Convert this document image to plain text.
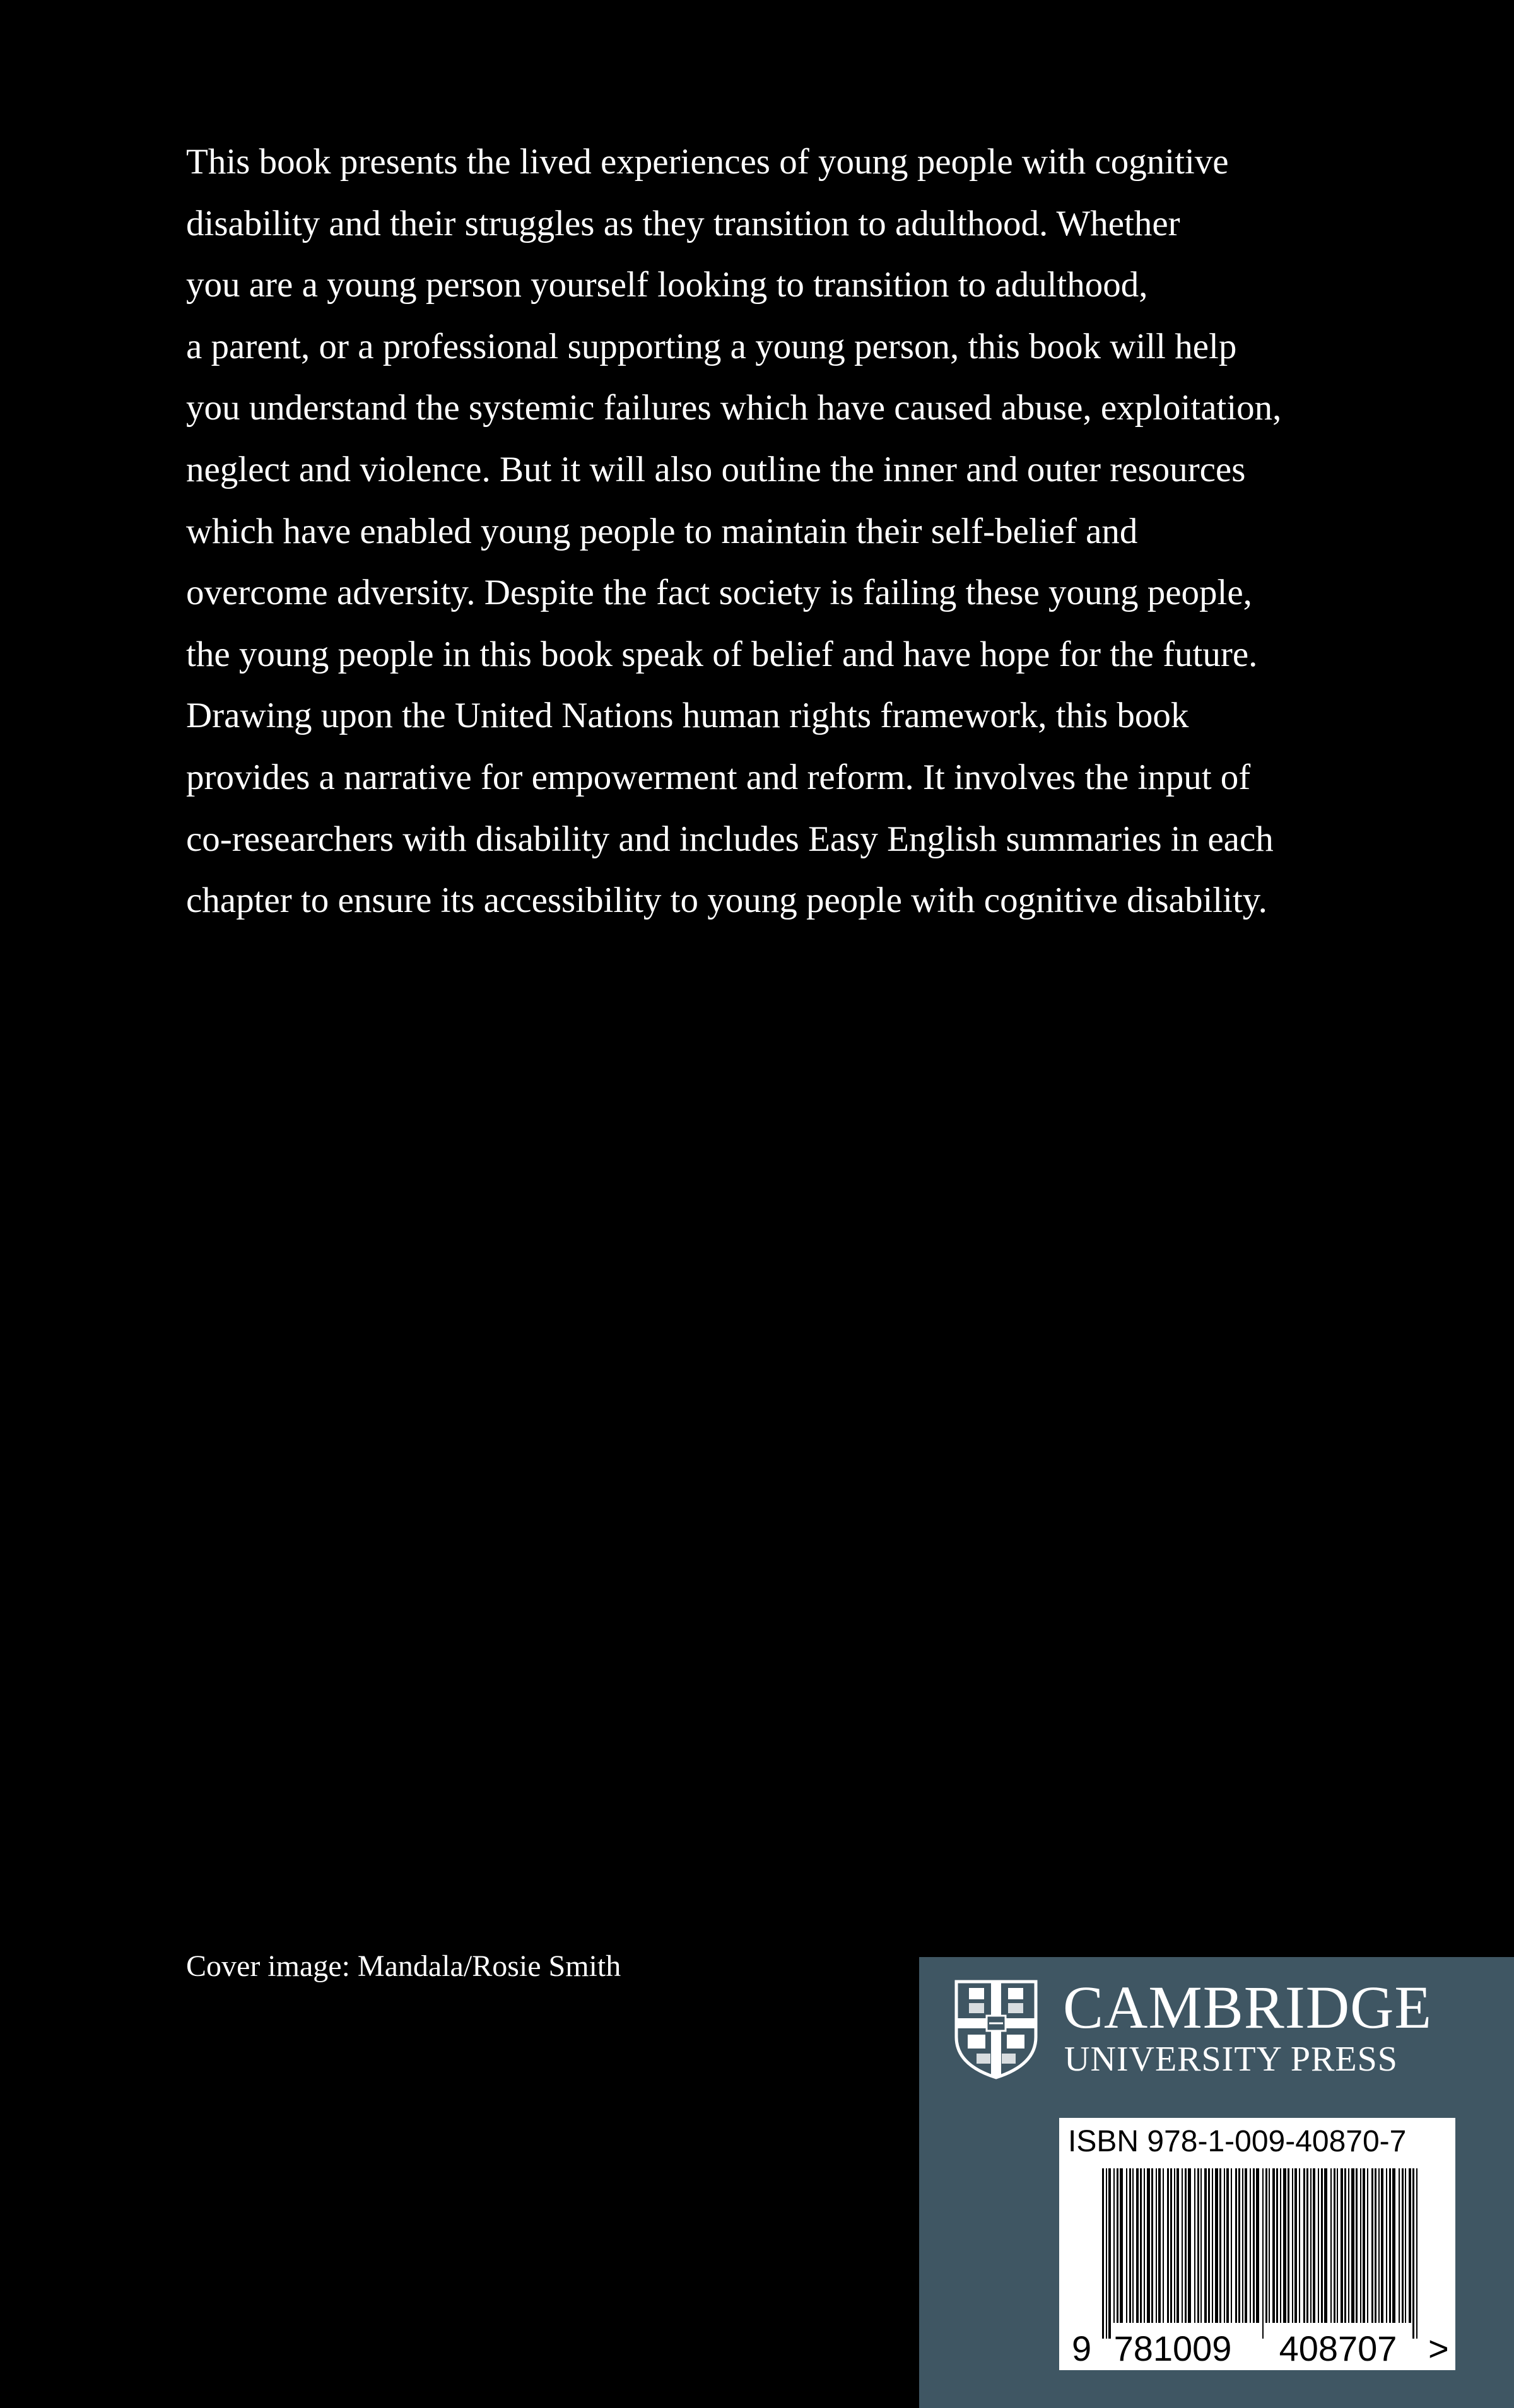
This book presents the lived experiences of young people with cognitive
disability and their struggles as they transition to adulthood. Whether
you are a young person yourself looking to transition to adulthood,
a parent, or a professional supporting a young person, this book will help
you understand the systemic failures which have caused abuse, exploitation,
neglect and violence. But it will also outline the inner and outer resources
which have enabled young people to maintain their self-belief and
overcome adversity. Despite the fact society is failing these young people,
the young people in this book speak of belief and have hope for the future.
Drawing upon the United Nations human rights framework, this book
provides a narrative for empowerment and reform. It involves the input of
co-researchers with disability and includes Easy English summaries in each
chapter to ensure its accessibility to young people with cognitive disability.

Cover image: Mandala/Rosie Smith
CAMBRIDGE
UNIVERSITY PRESS
ISBN 978-1-009-40870-7
9 781009 408707 >
